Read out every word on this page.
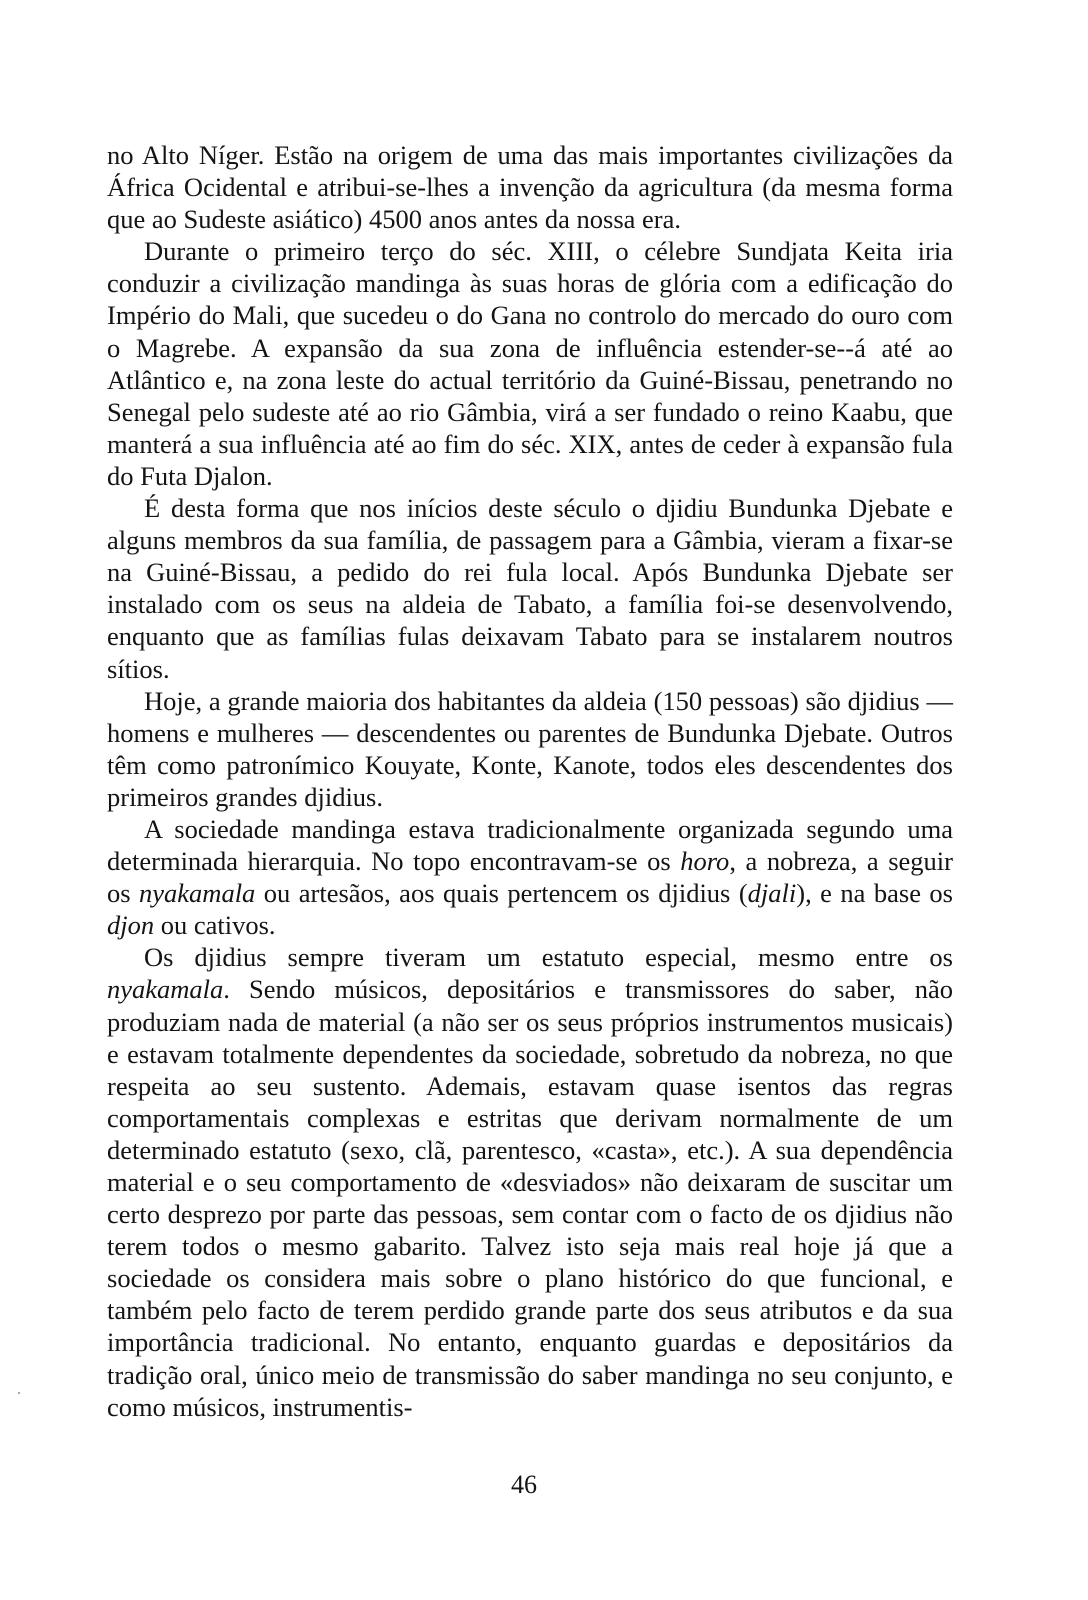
no Alto Níger. Estão na origem de uma das mais importantes civilizações da África Ocidental e atribui-se-lhes a invenção da agricultura (da mesma forma que ao Sudeste asiático) 4500 anos antes da nossa era.

Durante o primeiro terço do séc. XIII, o célebre Sundjata Keita iria conduzir a civilização mandinga às suas horas de glória com a edificação do Império do Mali, que sucedeu o do Gana no controlo do mercado do ouro com o Magrebe. A expansão da sua zona de influência estender-se--á até ao Atlântico e, na zona leste do actual território da Guiné-Bissau, penetrando no Senegal pelo sudeste até ao rio Gâmbia, virá a ser fundado o reino Kaabu, que manterá a sua influência até ao fim do séc. XIX, antes de ceder à expansão fula do Futa Djalon.

É desta forma que nos inícios deste século o djidiu Bundunka Djebate e alguns membros da sua família, de passagem para a Gâmbia, vieram a fixar-se na Guiné-Bissau, a pedido do rei fula local. Após Bundunka Djebate ser instalado com os seus na aldeia de Tabato, a família foi-se desenvolvendo, enquanto que as famílias fulas deixavam Tabato para se instalarem noutros sítios.

Hoje, a grande maioria dos habitantes da aldeia (150 pessoas) são djidius — homens e mulheres — descendentes ou parentes de Bundunka Djebate. Outros têm como patronímico Kouyate, Konte, Kanote, todos eles descendentes dos primeiros grandes djidius.

A sociedade mandinga estava tradicionalmente organizada segundo uma determinada hierarquia. No topo encontravam-se os horo, a nobreza, a seguir os nyakamala ou artesãos, aos quais pertencem os djidius (djali), e na base os djon ou cativos.

Os djidius sempre tiveram um estatuto especial, mesmo entre os nyakamala. Sendo músicos, depositários e transmissores do saber, não produziam nada de material (a não ser os seus próprios instrumentos musicais) e estavam totalmente dependentes da sociedade, sobretudo da nobreza, no que respeita ao seu sustento. Ademais, estavam quase isentos das regras comportamentais complexas e estritas que derivam normalmente de um determinado estatuto (sexo, clã, parentesco, «casta», etc.). A sua dependência material e o seu comportamento de «desviados» não deixaram de suscitar um certo desprezo por parte das pessoas, sem contar com o facto de os djidius não terem todos o mesmo gabarito. Talvez isto seja mais real hoje já que a sociedade os considera mais sobre o plano histórico do que funcional, e também pelo facto de terem perdido grande parte dos seus atributos e da sua importância tradicional. No entanto, enquanto guardas e depositários da tradição oral, único meio de transmissão do saber mandinga no seu conjunto, e como músicos, instrumentis-

46
